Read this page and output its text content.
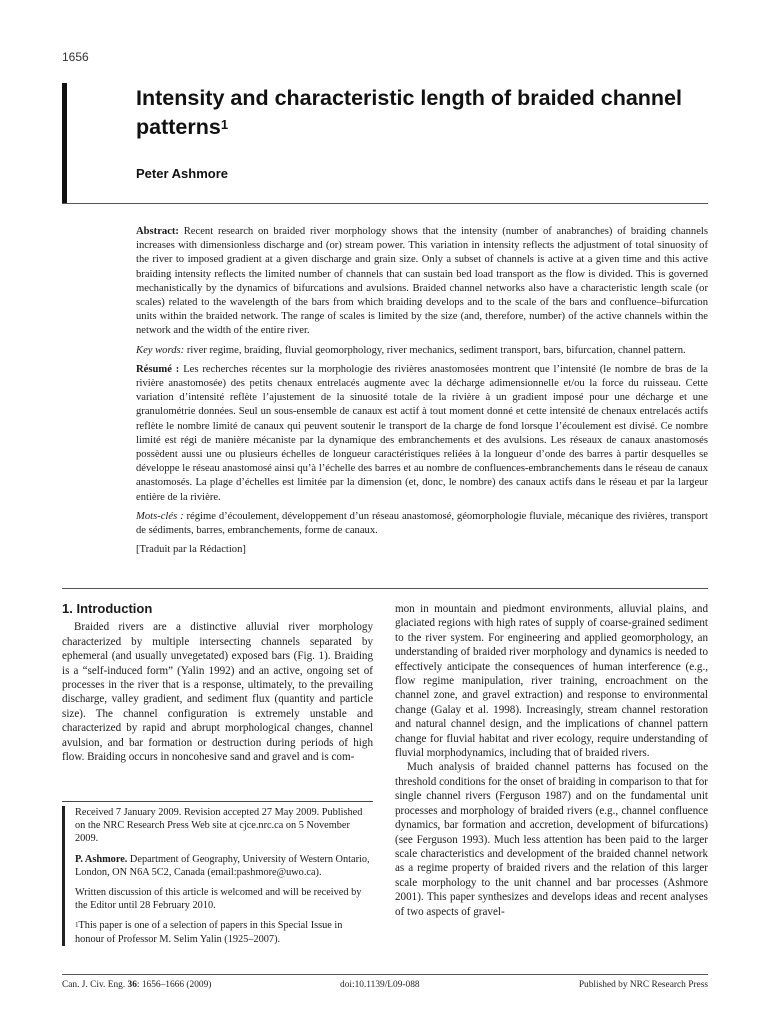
1656
Intensity and characteristic length of braided channel patterns$^1$
Peter Ashmore

Abstract: Recent research on braided river morphology shows that the intensity (number of anabranches) of braiding channels increases with dimensionless discharge and (or) stream power. This variation in intensity reflects the adjustment of total sinuosity of the river to imposed gradient at a given discharge and grain size. Only a subset of channels is active at a given time and this active braiding intensity reflects the limited number of channels that can sustain bed load transport as the flow is divided. This is governed mechanistically by the dynamics of bifurcations and avulsions. Braided channel networks also have a characteristic length scale (or scales) related to the wavelength of the bars from which braiding develops and to the scale of the bars and confluence–bifurcation units within the braided network. The range of scales is limited by the size (and, therefore, number) of the active channels within the network and the width of the entire river.

Key words: river regime, braiding, fluvial geomorphology, river mechanics, sediment transport, bars, bifurcation, channel pattern.

Résumé : Les recherches récentes sur la morphologie des rivières anastomosées montrent que l’intensité (le nombre de bras de la rivière anastomosée) des petits chenaux entrelacés augmente avec la décharge adimensionnelle et/ou la force du ruisseau. Cette variation d’intensité reflète l’ajustement de la sinuosité totale de la rivière à un gradient imposé pour une décharge et une granulométrie données. Seul un sous-ensemble de canaux est actif à tout moment donné et cette intensité de chenaux entrelacés actifs reflète le nombre limité de canaux qui peuvent soutenir le transport de la charge de fond lorsque l’écoulement est divisé. Ce nombre limité est régi de manière mécaniste par la dynamique des embranchements et des avulsions. Les réseaux de canaux anastomosés possèdent aussi une ou plusieurs échelles de longueur caractéristiques reliées à la longueur d’onde des barres à partir desquelles se développe le réseau anastomosé ainsi qu’à l’échelle des barres et au nombre de confluences-embranchements dans le réseau de canaux anastomosés. La plage d’échelles est limitée par la dimension (et, donc, le nombre) des canaux actifs dans le réseau et par la largeur entière de la rivière.

Mots-clés : régime d’écoulement, développement d’un réseau anastomosé, géomorphologie fluviale, mécanique des rivières, transport de sédiments, barres, embranchements, forme de canaux.

[Traduit par la Rédaction]

1. Introduction

Braided rivers are a distinctive alluvial river morphology characterized by multiple intersecting channels separated by ephemeral (and usually unvegetated) exposed bars (Fig. 1). Braiding is a “self-induced form” (Yalin 1992) and an active, ongoing set of processes in the river that is a response, ultimately, to the prevailing discharge, valley gradient, and sediment flux (quantity and particle size). The channel configuration is extremely unstable and characterized by rapid and abrupt morphological changes, channel avulsion, and bar formation or destruction during periods of high flow. Braiding occurs in noncohesive sand and gravel and is com-

Received 7 January 2009. Revision accepted 27 May 2009. Published on the NRC Research Press Web site at cjce.nrc.ca on 5 November 2009.

P. Ashmore. Department of Geography, University of Western Ontario, London, ON N6A 5C2, Canada (email:pashmore@uwo.ca).

Written discussion of this article is welcomed and will be received by the Editor until 28 February 2010.

$^1$This paper is one of a selection of papers in this Special Issue in honour of Professor M. Selim Yalin (1925–2007).

mon in mountain and piedmont environments, alluvial plains, and glaciated regions with high rates of supply of coarse-grained sediment to the river system. For engineering and applied geomorphology, an understanding of braided river morphology and dynamics is needed to effectively anticipate the consequences of human interference (e.g., flow regime manipulation, river training, encroachment on the channel zone, and gravel extraction) and response to environmental change (Galay et al. 1998). Increasingly, stream channel restoration and natural channel design, and the implications of channel pattern change for fluvial habitat and river ecology, require understanding of fluvial morphodynamics, including that of braided rivers.

Much analysis of braided channel patterns has focused on the threshold conditions for the onset of braiding in comparison to that for single channel rivers (Ferguson 1987) and on the fundamental unit processes and morphology of braided rivers (e.g., channel confluence dynamics, bar formation and accretion, development of bifurcations) (see Ferguson 1993). Much less attention has been paid to the larger scale characteristics and development of the braided channel network as a regime property of braided rivers and the relation of this larger scale morphology to the unit channel and bar processes (Ashmore 2001). This paper synthesizes and develops ideas and recent analyses of two aspects of gravel-

Can. J. Civ. Eng. 36: 1656–1666 (2009)	doi:10.1139/L09-088	Published by NRC Research Press
